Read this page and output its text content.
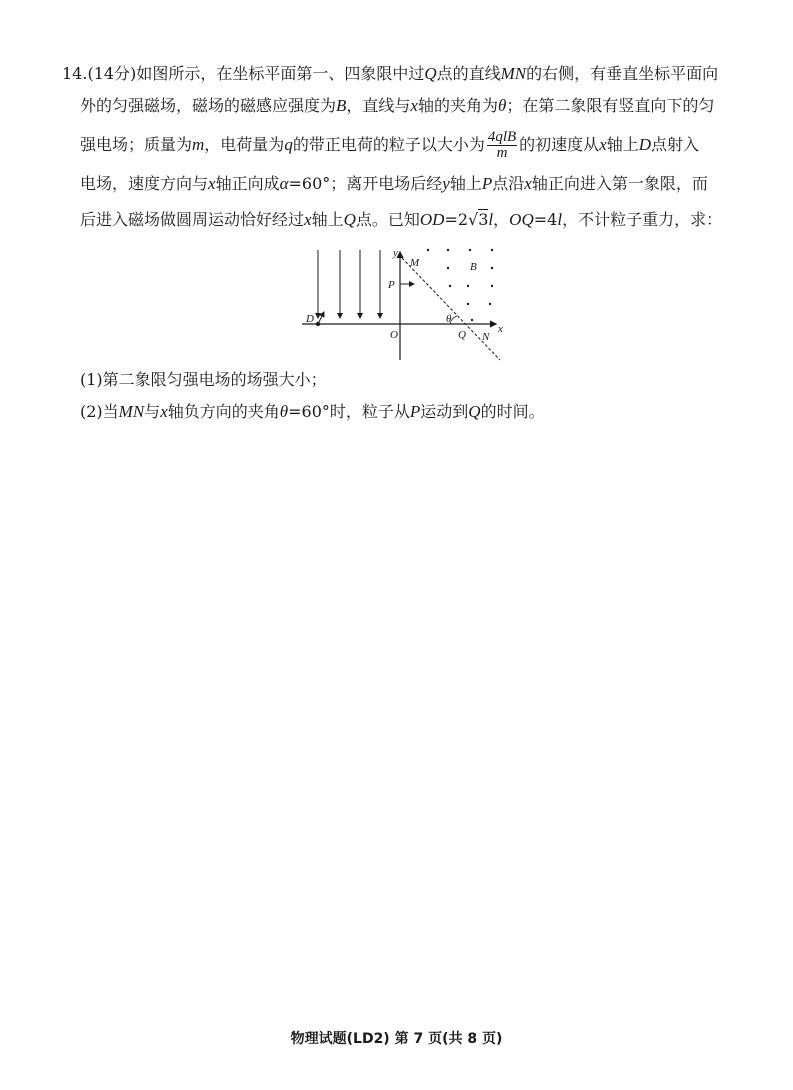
14.(14分)如图所示，在坐标平面第一、四象限中过Q点的直线MN的右侧，有垂直坐标平面向

外的匀强磁场，磁场的磁感应强度为B，直线与x轴的夹角为θ；在第二象限有竖直向下的匀

强电场；质量为m，电荷量为q的带正电荷的粒子以大小为 $\frac{\text{4qlB}}{m}$ 的初速度从x轴上D点射入

电场，速度方向与x轴正向成α=60°；离开电场后经y轴上P点沿x轴正向进入第一象限，而

后进入磁场做圆周运动恰好经过x轴上Q点。已知OD=2√3l，OQ=4l，不计粒子重力，求：

y
x
M
N
B
P
D
O	Q
θ
(1)第二象限匀强电场的场强大小；
(2)当MN与x轴负方向的夹角θ=60°时，粒子从P运动到Q的时间。
物理试题(LD2) 第 7 页(共 8 页)
